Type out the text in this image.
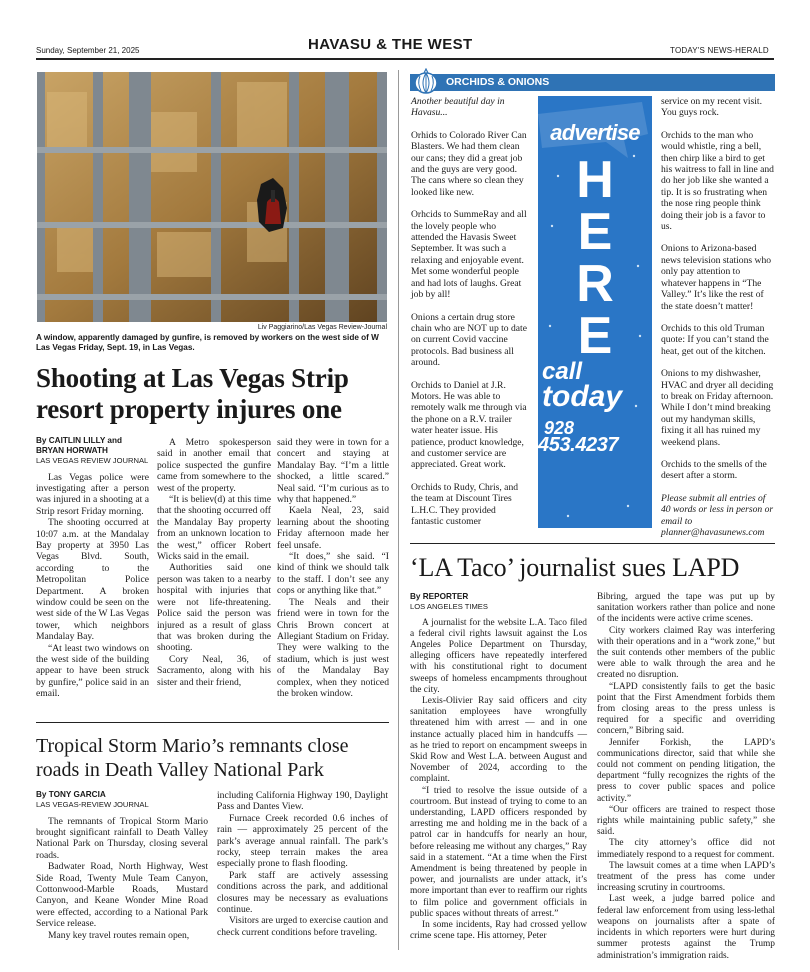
Sunday, September 21, 2025	HAVASU & THE WEST	TODAY'S NEWS-HERALD
Liv Paggiarino/Las Vegas Review-Journal
A window, apparently damaged by gunfire, is removed by workers on the west side of W Las Vegas Friday, Sept. 19, in Las Vegas.
Shooting at Las Vegas Strip resort property injures one
By CAITLIN LILLY and BRYAN HORWATH
LAS VEGAS REVIEW JOURNAL

Las Vegas police were investigating after a person was injured in a shooting at a Strip resort Friday morning.

The shooting occurred at 10:07 a.m. at the Mandalay Bay property at 3950 Las Vegas Blvd. South, according to the Metropolitan Police Department. A broken window could be seen on the west side of the W Las Vegas tower, which neighbors Mandalay Bay.

“At least two windows on the west side of the building appear to have been struck by gunfire,” police said in an email.

A Metro spokesperson said in another email that police suspected the gunfire came from somewhere to the west of the property.

“It is believ(d) at this time that the shooting occurred off the Mandalay Bay property from an unknown location to the west,” officer Robert Wicks said in the email.

Authorities said one person was taken to a nearby hospital with injuries that were not life-threatening. Police said the person was injured as a result of glass that was broken during the shooting.

Cory Neal, 36, of Sacramento, along with his sister and their friend,

said they were in town for a concert and staying at Mandalay Bay. “I’m a little shocked, a little scared.” Neal said. “I’m curious as to why that happened.”

Kaela Neal, 23, said learning about the shooting Friday afternoon made her feel unsafe.

“It does,” she said. “I kind of think we should talk to the staff. I don’t see any cops or anything like that.”

The Neals and their friend were in town for the Chris Brown concert at Allegiant Stadium on Friday. They were walking to the stadium, which is just west of the Mandalay Bay complex, when they noticed the broken window.

Tropical Storm Mario’s remnants close roads in Death Valley National Park
By TONY GARCIA
LAS VEGAS-REVIEW JOURNAL

The remnants of Tropical Storm Mario brought significant rainfall to Death Valley National Park on Thursday, closing several roads.

Badwater Road, North Highway, West Side Road, Twenty Mule Team Canyon, Cottonwood-Marble Roads, Mustard Canyon, and Keane Wonder Mine Road were effected, according to a National Park Service release.

Many key travel routes remain open,

including California Highway 190, Daylight Pass and Dantes View.

Furnace Creek recorded 0.6 inches of rain — approximately 25 percent of the park’s average annual rainfall. The park’s rocky, steep terrain makes the area especially prone to flash flooding.

Park staff are actively assessing conditions across the park, and additional closures may be necessary as evaluations continue.

Visitors are urged to exercise caution and check current conditions before traveling.

ORCHIDS & ONIONS

Another beautiful day in Havasu...

Orhids to Colorado River Can Blasters. We had them clean our cans; they did a great job and the guys are very good. The cans where so clean they looked like new.

Orhcids to SummeRay and all the lovely people who attended the Havasis Sweet September. It was such a relaxing and enjoyable event. Met some wonderful people and had lots of laughs. Great job by all!

Onions a certain drug store chain who are NOT up to date on current Covid vaccine protocols. Bad business all around.

Orchids to Daniel at J.R. Motors. He was able to remotely walk me through via the phone on a R.V. trailer water heater issue. His patience, product knowledge, and customer service are appreciated. Great work.

Orchids to Rudy, Chris, and the team at Discount Tires L.H.C. They provided fantastic customer

advertise
HERE
call
today
928
453.4237

service on my recent visit. You guys rock.

Orchids to the man who would whistle, ring a bell, then chirp like a bird to get his waitress to fall in line and do her job like she wanted a tip. It is so frustrating when the nose ring people think doing their job is a favor to us.

Onions to Arizona-based news television stations who only pay attention to whatever happens in “The Valley.” It’s like the rest of the state doesn’t matter!

Orchids to this old Truman quote: If you can’t stand the heat, get out of the kitchen.

Onions to my dishwasher, HVAC and dryer all deciding to break on Friday afternoon. While I don’t mind breaking out my handyman skills, fixing it all has ruined my weekend plans.

Orchids to the smells of the desert after a storm.

Please submit all entries of 40 words or less in person or email to planner@havasunews.com

‘LA Taco’ journalist sues LAPD
By REPORTER
LOS ANGELES TIMES

A journalist for the website L.A. Taco filed a federal civil rights lawsuit against the Los Angeles Police Department on Thursday, alleging officers have repeatedly interfered with his constitutional right to document sweeps of homeless encampments throughout the city.

Lexis-Olivier Ray said officers and city sanitation employees have wrongfully threatened him with arrest — and in one instance actually placed him in handcuffs — as he tried to report on encampment sweeps in Skid Row and West L.A. between August and November of 2024, according to the complaint.

“I tried to resolve the issue outside of a courtroom. But instead of trying to come to an understanding, LAPD officers responded by arresting me and holding me in the back of a patrol car in handcuffs for nearly an hour, before releasing me without any charges,” Ray said in a statement. “At a time when the First Amendment is being threatened by people in power, and journalists are under attack, it’s more important than ever to reaffirm our rights to film police and government officials in public spaces without threats of arrest.”

In some incidents, Ray had crossed yellow crime scene tape. His attorney, Peter

Bibring, argued the tape was put up by sanitation workers rather than police and none of the incidents were active crime scenes.

City workers claimed Ray was interfering with their operations and in a “work zone,” but the suit contends other members of the public were able to walk through the area and he created no disruption.

“LAPD consistently fails to get the basic point that the First Amendment forbids them from closing areas to the press unless is required for a specific and overriding concern,” Bibring said.

Jennifer Forkish, the LAPD’s communications director, said that while she could not comment on pending litigation, the department “fully recognizes the rights of the press to cover public spaces and police activity.”

“Our officers are trained to respect those rights while maintaining public safety,” she said.

The city attorney’s office did not immediately respond to a request for comment.

The lawsuit comes at a time when LAPD’s treatment of the press has come under increasing scrutiny in courtrooms.

Last week, a judge barred police and federal law enforcement from using less-lethal weapons on journalists after a spate of incidents in which reporters were hurt during summer protests against the Trump administration’s immigration raids.
